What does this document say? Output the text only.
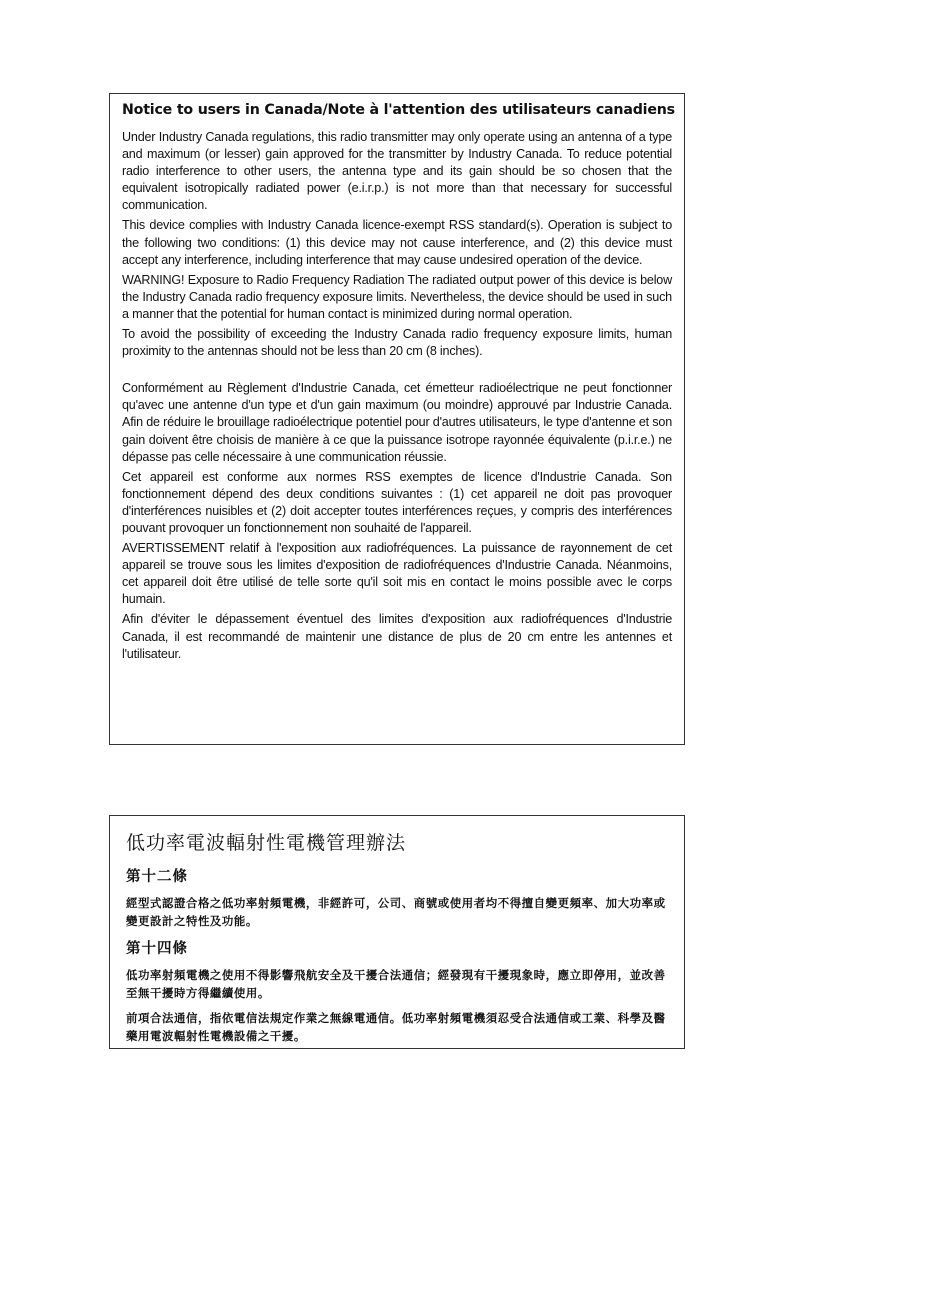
Notice to users in Canada/Note à l'attention des utilisateurs canadiens

Under Industry Canada regulations, this radio transmitter may only operate using an antenna of a type and maximum (or lesser) gain approved for the transmitter by Industry Canada. To reduce potential radio interference to other users, the antenna type and its gain should be so chosen that the equivalent isotropically radiated power (e.i.r.p.) is not more than that necessary for successful communication.

This device complies with Industry Canada licence-exempt RSS standard(s). Operation is subject to the following two conditions: (1) this device may not cause interference, and (2) this device must accept any interference, including interference that may cause undesired operation of the device.

WARNING! Exposure to Radio Frequency Radiation The radiated output power of this device is below the Industry Canada radio frequency exposure limits. Nevertheless, the device should be used in such a manner that the potential for human contact is minimized during normal operation.

To avoid the possibility of exceeding the Industry Canada radio frequency exposure limits, human proximity to the antennas should not be less than 20 cm (8 inches).

Conformément au Règlement d'Industrie Canada, cet émetteur radioélectrique ne peut fonctionner qu'avec une antenne d'un type et d'un gain maximum (ou moindre) approuvé par Industrie Canada. Afin de réduire le brouillage radioélectrique potentiel pour d'autres utilisateurs, le type d'antenne et son gain doivent être choisis de manière à ce que la puissance isotrope rayonnée équivalente (p.i.r.e.) ne dépasse pas celle nécessaire à une communication réussie.

Cet appareil est conforme aux normes RSS exemptes de licence d'Industrie Canada. Son fonctionnement dépend des deux conditions suivantes : (1) cet appareil ne doit pas provoquer d'interférences nuisibles et (2) doit accepter toutes interférences reçues, y compris des interférences pouvant provoquer un fonctionnement non souhaité de l'appareil.

AVERTISSEMENT relatif à l'exposition aux radiofréquences. La puissance de rayonnement de cet appareil se trouve sous les limites d'exposition de radiofréquences d'Industrie Canada. Néanmoins, cet appareil doit être utilisé de telle sorte qu'il soit mis en contact le moins possible avec le corps humain.

Afin d'éviter le dépassement éventuel des limites d'exposition aux radiofréquences d'Industrie Canada, il est recommandé de maintenir une distance de plus de 20 cm entre les antennes et l'utilisateur.

低功率電波輻射性電機管理辦法
第十二條

經型式認證合格之低功率射頻電機，非經許可，公司、商號或使用者均不得擅自變更頻率、加大功率或變更設計之特性及功能。

第十四條

低功率射頻電機之使用不得影響飛航安全及干擾合法通信；經發現有干擾現象時，應立即停用，並改善至無干擾時方得繼續使用。

前項合法通信，指依電信法規定作業之無線電通信。低功率射頻電機須忍受合法通信或工業、科學及醫藥用電波輻射性電機設備之干擾。
